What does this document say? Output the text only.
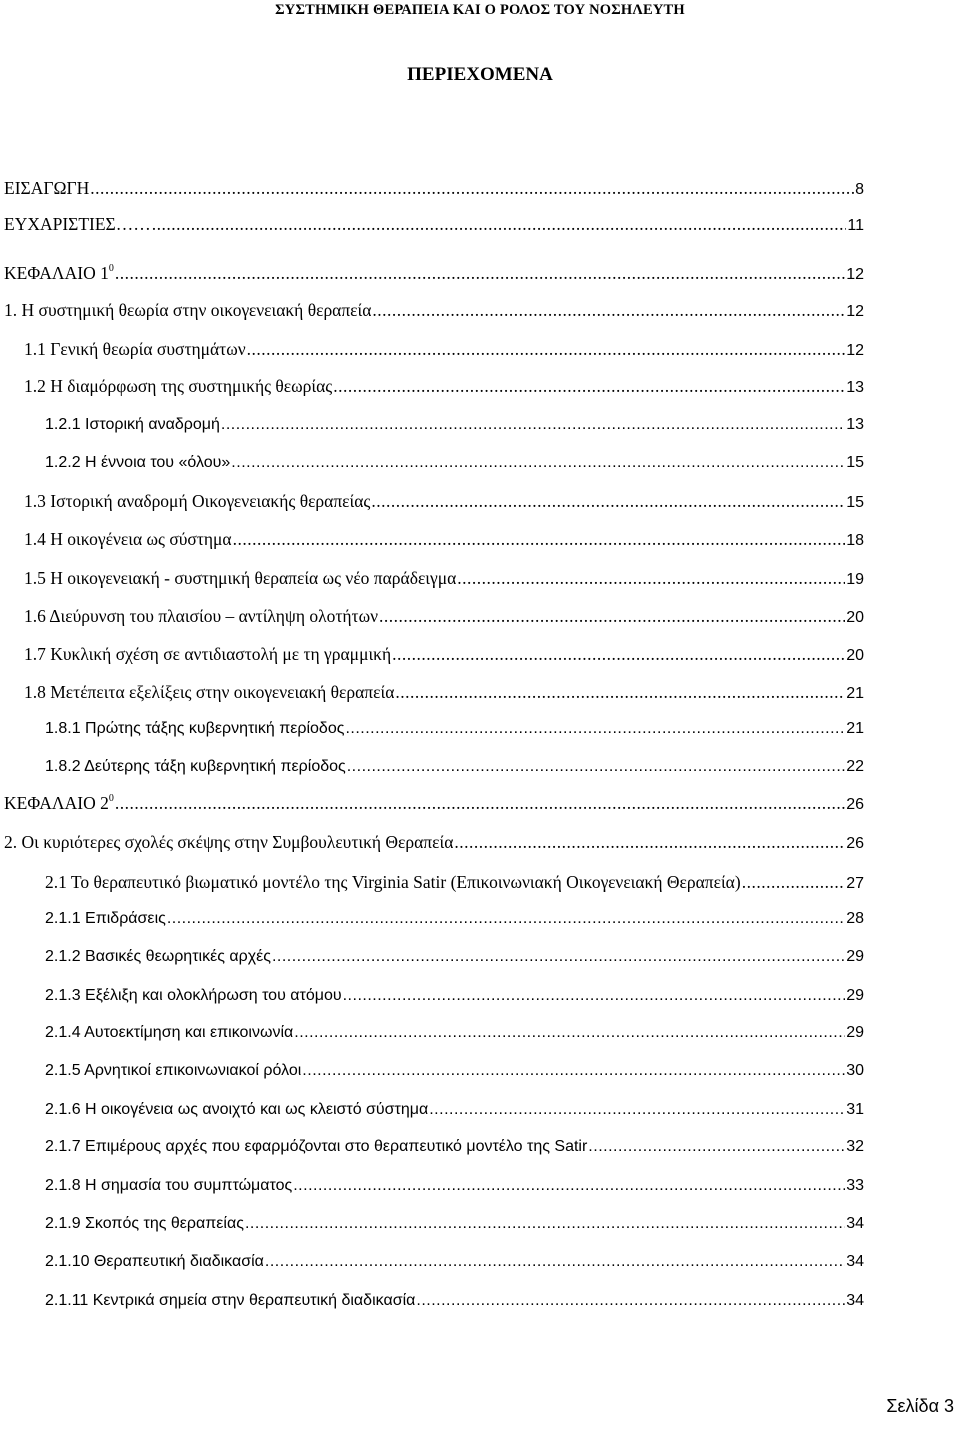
ΣΥΣΤΗΜΙΚΗ ΘΕΡΑΠΕΙΑ ΚΑΙ Ο ΡΟΛΟΣ ΤΟΥ ΝΟΣΗΛΕΥΤΗ
ΠΕΡΙΕΧΟΜΕΝΑ
ΕΙΣΑΓΩΓΗ .....	8
ΕΥΧΑΡΙΣΤΙΕΣ…… .....	11
ΚΕΦΑΛΑΙΟ $1^0$ .....	12
1. Η συστημική θεωρία στην οικογενειακή θεραπεία .....	12
1.1 Γενική θεωρία συστημάτων .....	12
1.2 Η διαμόρφωση της συστημικής θεωρίας .....	13
1.2.1 Ιστορική αναδρομή .....	13
1.2.2 Η έννοια του «όλου» .....	15
1.3 Ιστορική αναδρομή Οικογενειακής θεραπείας .....	15
1.4 Η οικογένεια ως σύστημα .....	18
1.5 Η οικογενειακή - συστημική θεραπεία ως νέο παράδειγμα .....	19
1.6 Διεύρυνση του πλαισίου – αντίληψη ολοτήτων .....	20
1.7 Κυκλική σχέση σε αντιδιαστολή με τη γραμμική .....	20
1.8 Μετέπειτα εξελίξεις στην οικογενειακή θεραπεία .....	21
1.8.1 Πρώτης τάξης κυβερνητική περίοδος .....	21
1.8.2 Δεύτερης τάξη κυβερνητική περίοδος .....	22
ΚΕΦΑΛΑΙΟ $2^0$ .....	26
2. Οι κυριότερες σχολές σκέψης στην Συμβουλευτική Θεραπεία .....	26
2.1 Το θεραπευτικό βιωματικό μοντέλο της Virginia Satir (Επικοινωνιακή Οικογενειακή Θεραπεία) .....	27
2.1.1 Επιδράσεις .....	28
2.1.2 Βασικές θεωρητικές αρχές .....	29
2.1.3 Εξέλιξη και ολοκλήρωση του ατόμου .....	29
2.1.4 Αυτοεκτίμηση και επικοινωνία .....	29
2.1.5 Αρνητικοί επικοινωνιακοί ρόλοι .....	30
2.1.6 Η οικογένεια ως ανοιχτό και ως κλειστό σύστημα .....	31
2.1.7 Επιμέρους αρχές που εφαρμόζονται στο θεραπευτικό μοντέλο της Satir .....	32
2.1.8 Η σημασία του συμπτώματος .....	33
2.1.9 Σκοπός της θεραπείας .....	34
2.1.10 Θεραπευτική διαδικασία .....	34
2.1.11 Κεντρικά σημεία στην θεραπευτική διαδικασία .....	34
Σελίδα 3
